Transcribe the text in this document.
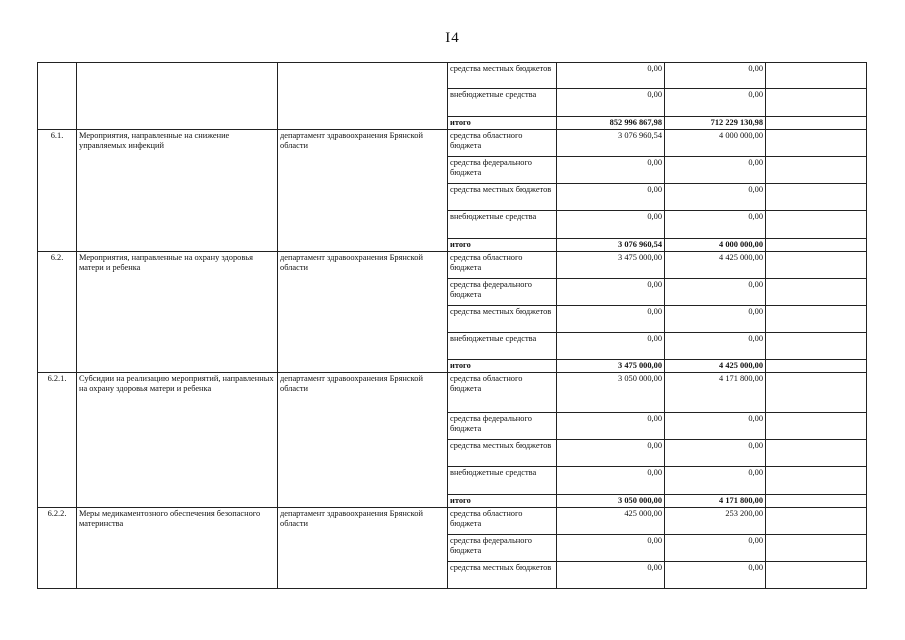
I4
			средства местных бюджетов	0,00	0,00	
			внебюджетные средства	0,00	0,00	
			итого	852 996 867,98	712 229 130,98	
6.1.	Мероприятия, направленные на снижение управляемых инфекций	департамент здравоохранения Брянской области	средства областного бюджета	3 076 960,54	4 000 000,00	
			средства федерального бюджета	0,00	0,00	
			средства местных бюджетов	0,00	0,00	
			внебюджетные средства	0,00	0,00	
			итого	3 076 960,54	4 000 000,00	
6.2.	Мероприятия, направленные на охрану здоровья матери и ребенка	департамент здравоохранения Брянской области	средства областного бюджета	3 475 000,00	4 425 000,00	
			средства федерального бюджета	0,00	0,00	
			средства местных бюджетов	0,00	0,00	
			внебюджетные средства	0,00	0,00	
			итого	3 475 000,00	4 425 000,00	
6.2.1.	Субсидии на реализацию мероприятий, направленных на охрану здоровья матери и ребенка	департамент здравоохранения Брянской области	средства областного бюджета	3 050 000,00	4 171 800,00	
			средства федерального бюджета	0,00	0,00	
			средства местных бюджетов	0,00	0,00	
			внебюджетные средства	0,00	0,00	
			итого	3 050 000,00	4 171 800,00	
6.2.2.	Меры медикаментозного обеспечения безопасного материнства	департамент здравоохранения Брянской области	средства областного бюджета	425 000,00	253 200,00	
			средства федерального бюджета	0,00	0,00	
			средства местных бюджетов	0,00	0,00	
